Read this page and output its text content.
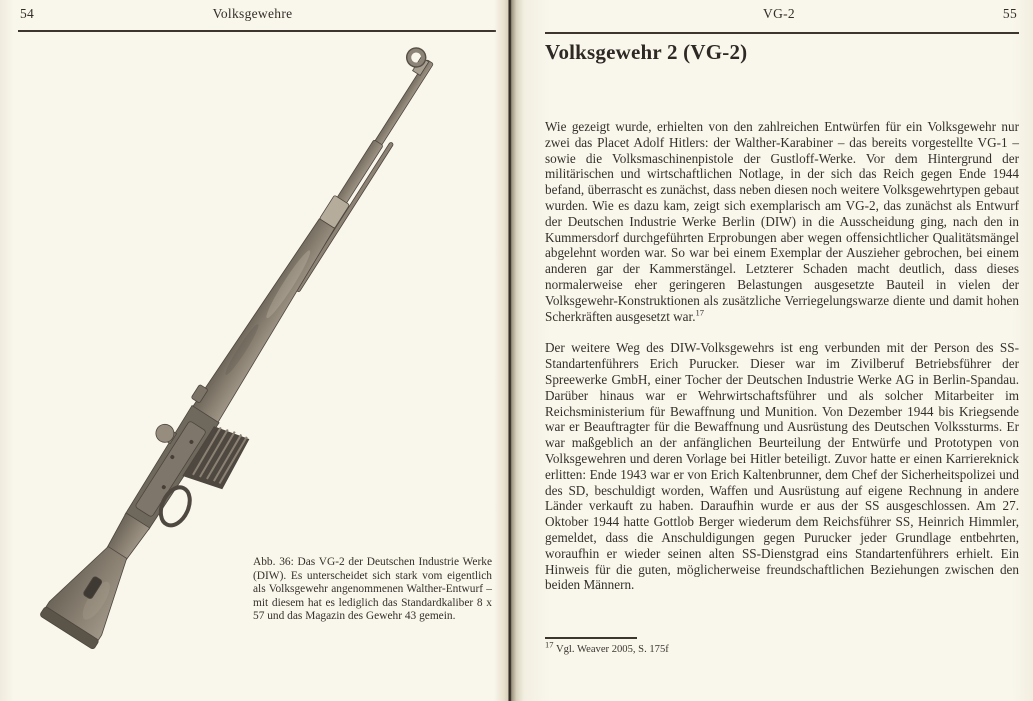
54	Volksgewehre
Abb. 36: Das VG-2 der Deutschen Industrie Werke (DIW). Es unterscheidet sich stark vom eigentlich als Volksgewehr angenommenen Walther-Entwurf – mit diesem hat es lediglich das Standardkaliber 8 x 57 und das Magazin des Gewehr 43 gemein.
VG-2	55
Volksgewehr 2 (VG-2)

Wie gezeigt wurde, erhielten von den zahlreichen Entwürfen für ein Volksgewehr nur zwei das Placet Adolf Hitlers: der Walther-Karabiner – das bereits vorgestellte VG-1 – sowie die Volksmaschinenpistole der Gustloff-Werke. Vor dem Hintergrund der militärischen und wirtschaftlichen Notlage, in der sich das Reich gegen Ende 1944 befand, überrascht es zunächst, dass neben diesen noch weitere Volksgewehrtypen gebaut wurden. Wie es dazu kam, zeigt sich exemplarisch am VG-2, das zunächst als Entwurf der Deutschen Industrie Werke Berlin (DIW) in die Ausscheidung ging, nach den in Kummersdorf durchgeführten Erprobungen aber wegen offensichtlicher Qualitätsmängel abgelehnt worden war. So war bei einem Exemplar der Auszieher gebrochen, bei einem anderen gar der Kammerstängel. Letzterer Schaden macht deutlich, dass dieses normalerweise eher geringeren Belastungen ausgesetzte Bauteil in vielen der Volksgewehr-Konstruktionen als zusätzliche Verriegelungswarze diente und damit hohen Scherkräften ausgesetzt war.$^{17}$

Der weitere Weg des DIW-Volksgewehrs ist eng verbunden mit der Person des SS-Standartenführers Erich Purucker. Dieser war im Zivilberuf Betriebsführer der Spreewerke GmbH, einer Tocher der Deutschen Industrie Werke AG in Berlin-Spandau. Darüber hinaus war er Wehrwirtschaftsführer und als solcher Mitarbeiter im Reichsministerium für Bewaffnung und Munition. Von Dezember 1944 bis Kriegsende war er Beauftragter für die Bewaffnung und Ausrüstung des Deutschen Volkssturms. Er war maßgeblich an der anfänglichen Beurteilung der Entwürfe und Prototypen von Volksgewehren und deren Vorlage bei Hitler beteiligt. Zuvor hatte er einen Karriereknick erlitten: Ende 1943 war er von Erich Kaltenbrunner, dem Chef der Sicherheitspolizei und des SD, beschuldigt worden, Waffen und Ausrüstung auf eigene Rechnung in andere Länder verkauft zu haben. Daraufhin wurde er aus der SS ausgeschlossen. Am 27. Oktober 1944 hatte Gottlob Berger wiederum dem Reichsführer SS, Heinrich Himmler, gemeldet, dass die Anschuldigungen gegen Purucker jeder Grundlage entbehrten, woraufhin er wieder seinen alten SS-Dienstgrad eins Standartenführers erhielt. Ein Hinweis für die guten, möglicherweise freundschaftlichen Beziehungen zwischen den beiden Männern.

$^{17}$ Vgl. Weaver 2005, S. 175f
